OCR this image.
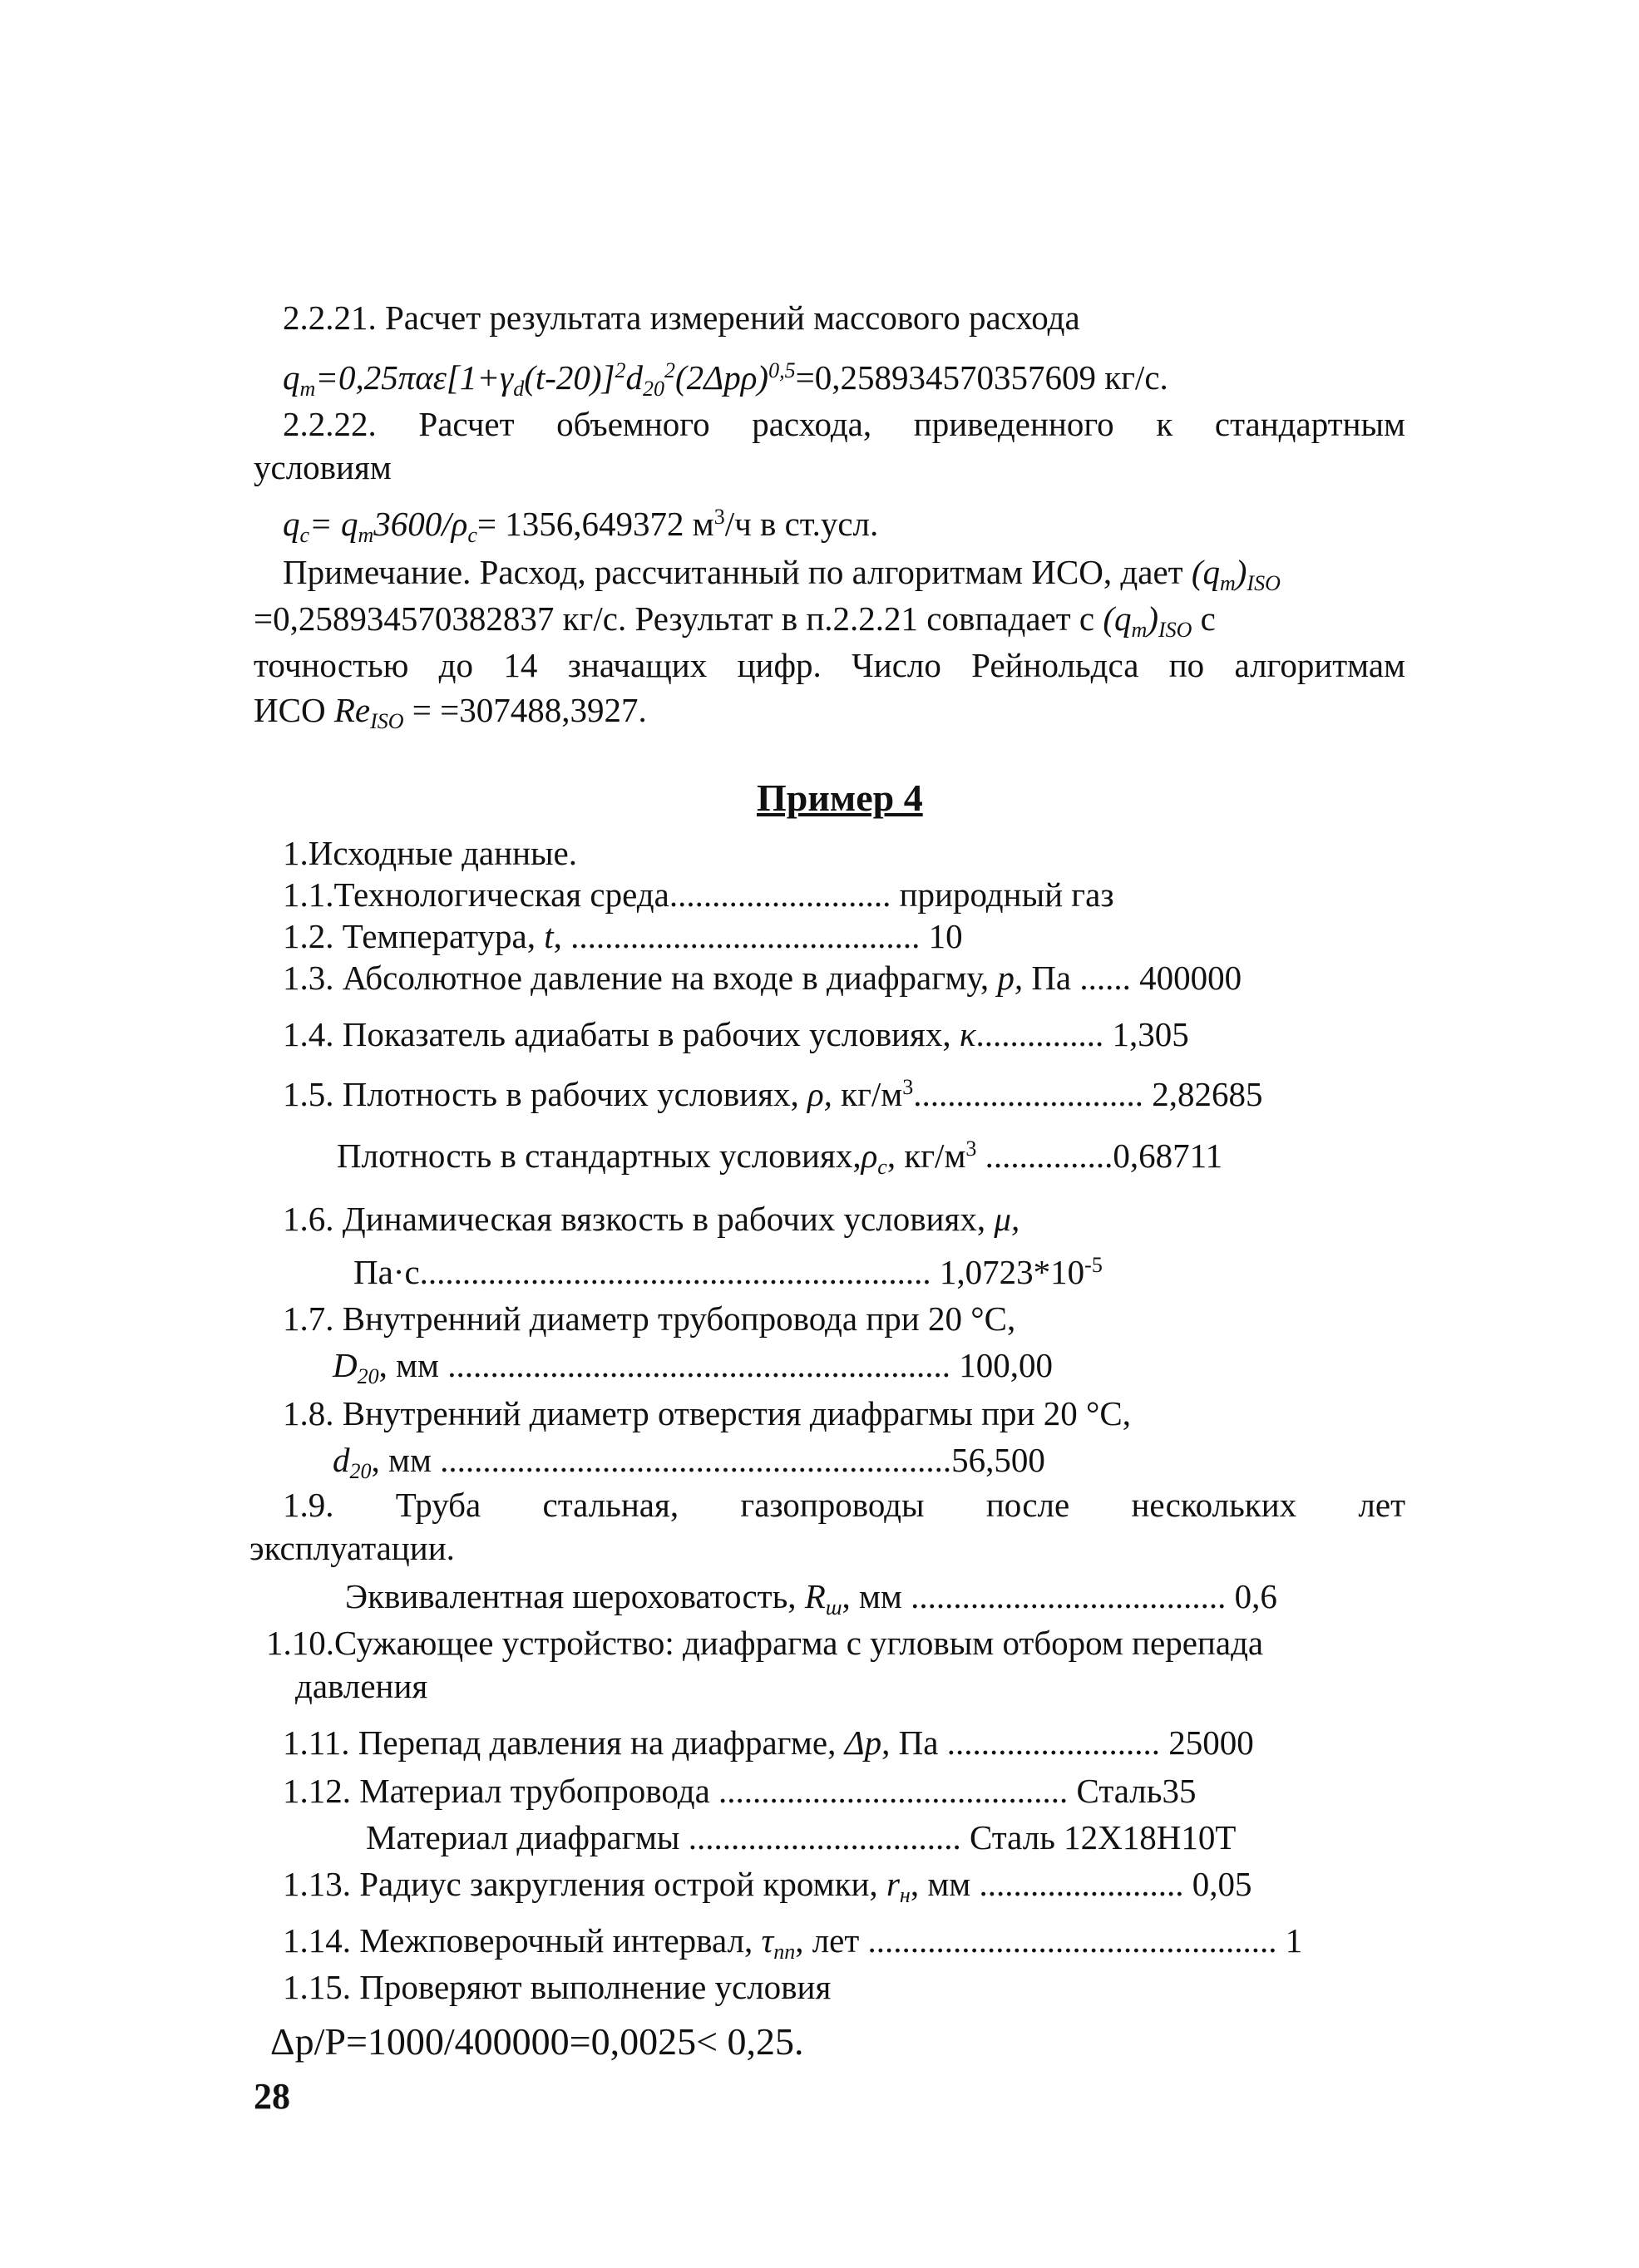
2.2.21. Расчет результата измерений массового расхода
$q_m=0,25\pi\alpha\varepsilon[1+\gamma_d(t-20)]^2d_{20}^2(2\Delta p\rho)^{0,5}=0,258934570357609$ кг/с.
2.2.22. Расчет объемного расхода, приведенного к стандартным
условиям
$q_c= q_m3600/\rho_c= 1356,649372$ $м^3/ч$ в ст.усл.
Примечание. Расход, рассчитанный по алгоритмам ИСО, дает $(q_m)_{ISO}$
=0,258934570382837 кг/с. Результат в п.2.2.21 совпадает с $(q_m)_{ISO}$ с
точностью до 14 значащих цифр. Число Рейнольдса по алгоритмам
ИСО $Re_{ISO} = =307488,3927$.
Пример 4
1.Исходные данные.
1.1.Технологическая среда.......................... природный газ
1.2. Температура, t, ......................................... 10
1.3. Абсолютное давление на входе в диафрагму, p, Па ...... 400000
1.4. Показатель адиабаты в рабочих условиях, κ............... 1,305
1.5. Плотность в рабочих условиях, ρ, $кг/м^3$........................... 2,82685
Плотность в стандартных $условиях,\rho_c$, $кг/м^3$ ...............0,68711
1.6. Динамическая вязкость в рабочих условиях, μ,
Па·с............................................................ $1,0723*10^{-5}$
1.7. Внутренний диаметр трубопровода при 20 °С,
$D_{20}$, мм ........................................................... 100,00
1.8. Внутренний диаметр отверстия диафрагмы при 20 °С,
$d_{20}$, мм ............................................................56,500
1.9. Труба стальная, газопроводы после нескольких лет
эксплуатации.
Эквивалентная шероховатость, $R_ш$, мм ..................................... 0,6
1.10.Сужающее устройство: диафрагма с угловым отбором перепада
давления
1.11. Перепад давления на диафрагме, Δp, Па ......................... 25000
1.12. Материал трубопровода ......................................... Сталь35
Материал диафрагмы ................................ Сталь 12Х18Н10Т
1.13. Радиус закругления острой кромки, $r_н$, мм ........................ 0,05
1.14. Межповерочный интервал, $\tau_{пп}$, лет ................................................ 1
1.15. Проверяют выполнение условия
Δр/Р=1000/400000=0,0025< 0,25.
28
